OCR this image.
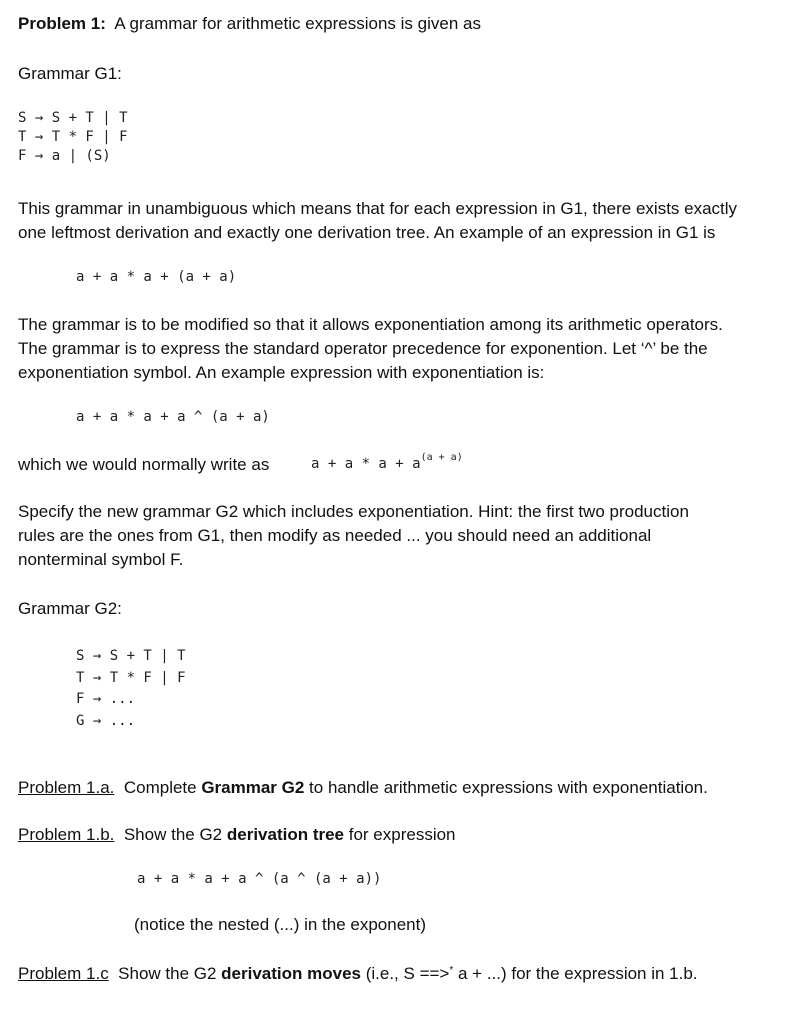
Problem 1: A grammar for arithmetic expressions is given as
Grammar G1:
S → S + T | T
T → T * F | F
F → a | (S)
This grammar in unambiguous which means that for each expression in G1, there exists exactly
one leftmost derivation and exactly one derivation tree. An example of an expression in G1 is
a + a * a + (a + a)
The grammar is to be modified so that it allows exponentiation among its arithmetic operators.
The grammar is to express the standard operator precedence for exponention. Let ‘^’ be the
exponentiation symbol. An example expression with exponentiation is:
a + a * a + a ^ (a + a)
which we would normally write as	a + a * a + a(a + a)
Specify the new grammar G2 which includes exponentiation. Hint: the first two production
rules are the ones from G1, then modify as needed ... you should need an additional
nonterminal symbol F.
Grammar G2:
S → S + T | T
T → T * F | F
F → ...
G → ...
Problem 1.a. Complete Grammar G2 to handle arithmetic expressions with exponentiation.
Problem 1.b. Show the G2 derivation tree for expression
a + a * a + a ^ (a ^ (a + a))
(notice the nested (...) in the exponent)
Problem 1.c Show the G2 derivation moves (i.e., S ==>* a + ...) for the expression in 1.b.
